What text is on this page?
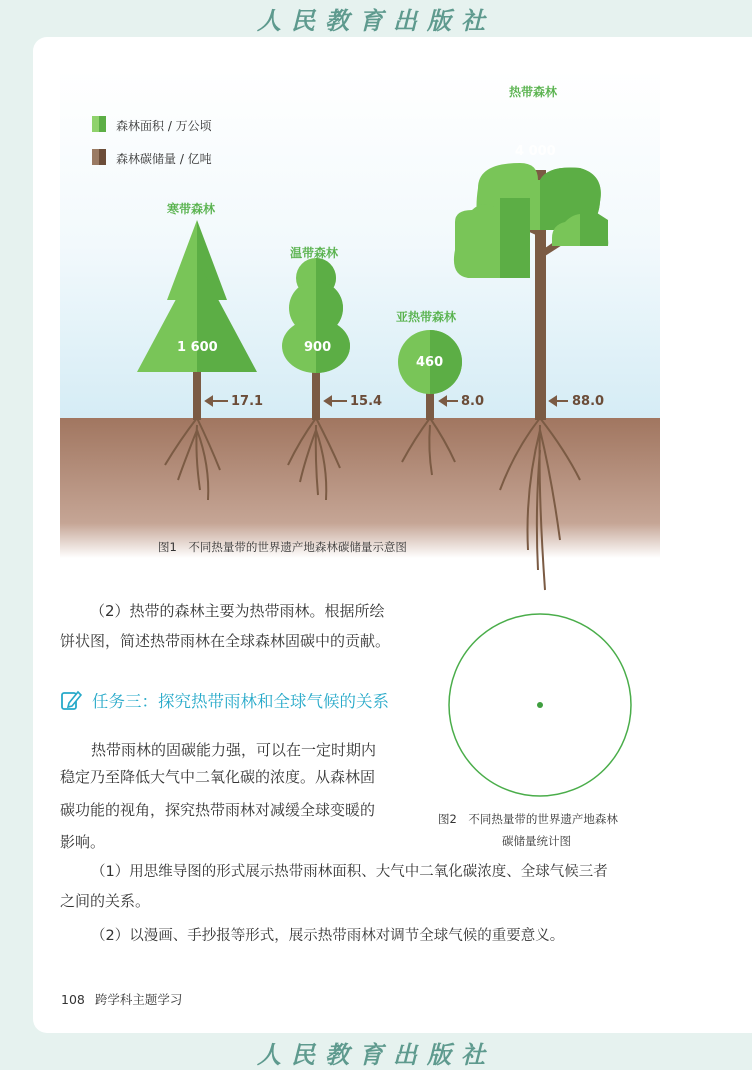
人民教育出版社
森林面积 / 万公顷
森林碳储量 / 亿吨
寒带森林
温带森林
亚热带森林
热带森林
1 600	900
460
4 000
17.1	15.4	8.0	88.0
图1　不同热量带的世界遗产地森林碳储量示意图
（2）热带的森林主要为热带雨林。根据所绘
饼状图，简述热带雨林在全球森林固碳中的贡献。
图2　不同热量带的世界遗产地森林
碳储量统计图
任务三：探究热带雨林和全球气候的关系
热带雨林的固碳能力强，可以在一定时期内
稳定乃至降低大气中二氧化碳的浓度。从森林固
碳功能的视角，探究热带雨林对减缓全球变暖的
影响。
（1）用思维导图的形式展示热带雨林面积、大气中二氧化碳浓度、全球气候三者
之间的关系。
（2）以漫画、手抄报等形式，展示热带雨林对调节全球气候的重要意义。
108 跨学科主题学习
人民教育出版社
